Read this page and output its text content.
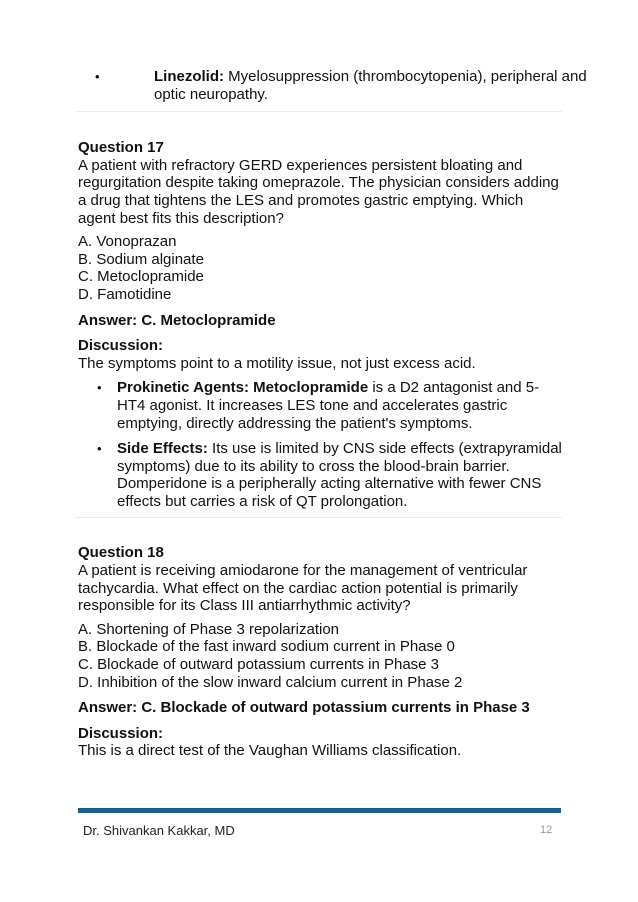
• Linezolid: Myelosuppression (thrombocytopenia), peripheral and optic neuropathy.
Question 17
A patient with refractory GERD experiences persistent bloating and regurgitation despite taking omeprazole. The physician considers adding a drug that tightens the LES and promotes gastric emptying. Which agent best fits this description?
A. Vonoprazan
B. Sodium alginate
C. Metoclopramide
D. Famotidine
Answer: C. Metoclopramide
Discussion:
The symptoms point to a motility issue, not just excess acid.
• Prokinetic Agents: Metoclopramide is a D2 antagonist and 5-HT4 agonist. It increases LES tone and accelerates gastric emptying, directly addressing the patient's symptoms.
• Side Effects: Its use is limited by CNS side effects (extrapyramidal symptoms) due to its ability to cross the blood-brain barrier. Domperidone is a peripherally acting alternative with fewer CNS effects but carries a risk of QT prolongation.
Question 18
A patient is receiving amiodarone for the management of ventricular tachycardia. What effect on the cardiac action potential is primarily responsible for its Class III antiarrhythmic activity?
A. Shortening of Phase 3 repolarization
B. Blockade of the fast inward sodium current in Phase 0
C. Blockade of outward potassium currents in Phase 3
D. Inhibition of the slow inward calcium current in Phase 2
Answer: C. Blockade of outward potassium currents in Phase 3
Discussion:
This is a direct test of the Vaughan Williams classification.
Dr. Shivankan Kakkar, MD	12
